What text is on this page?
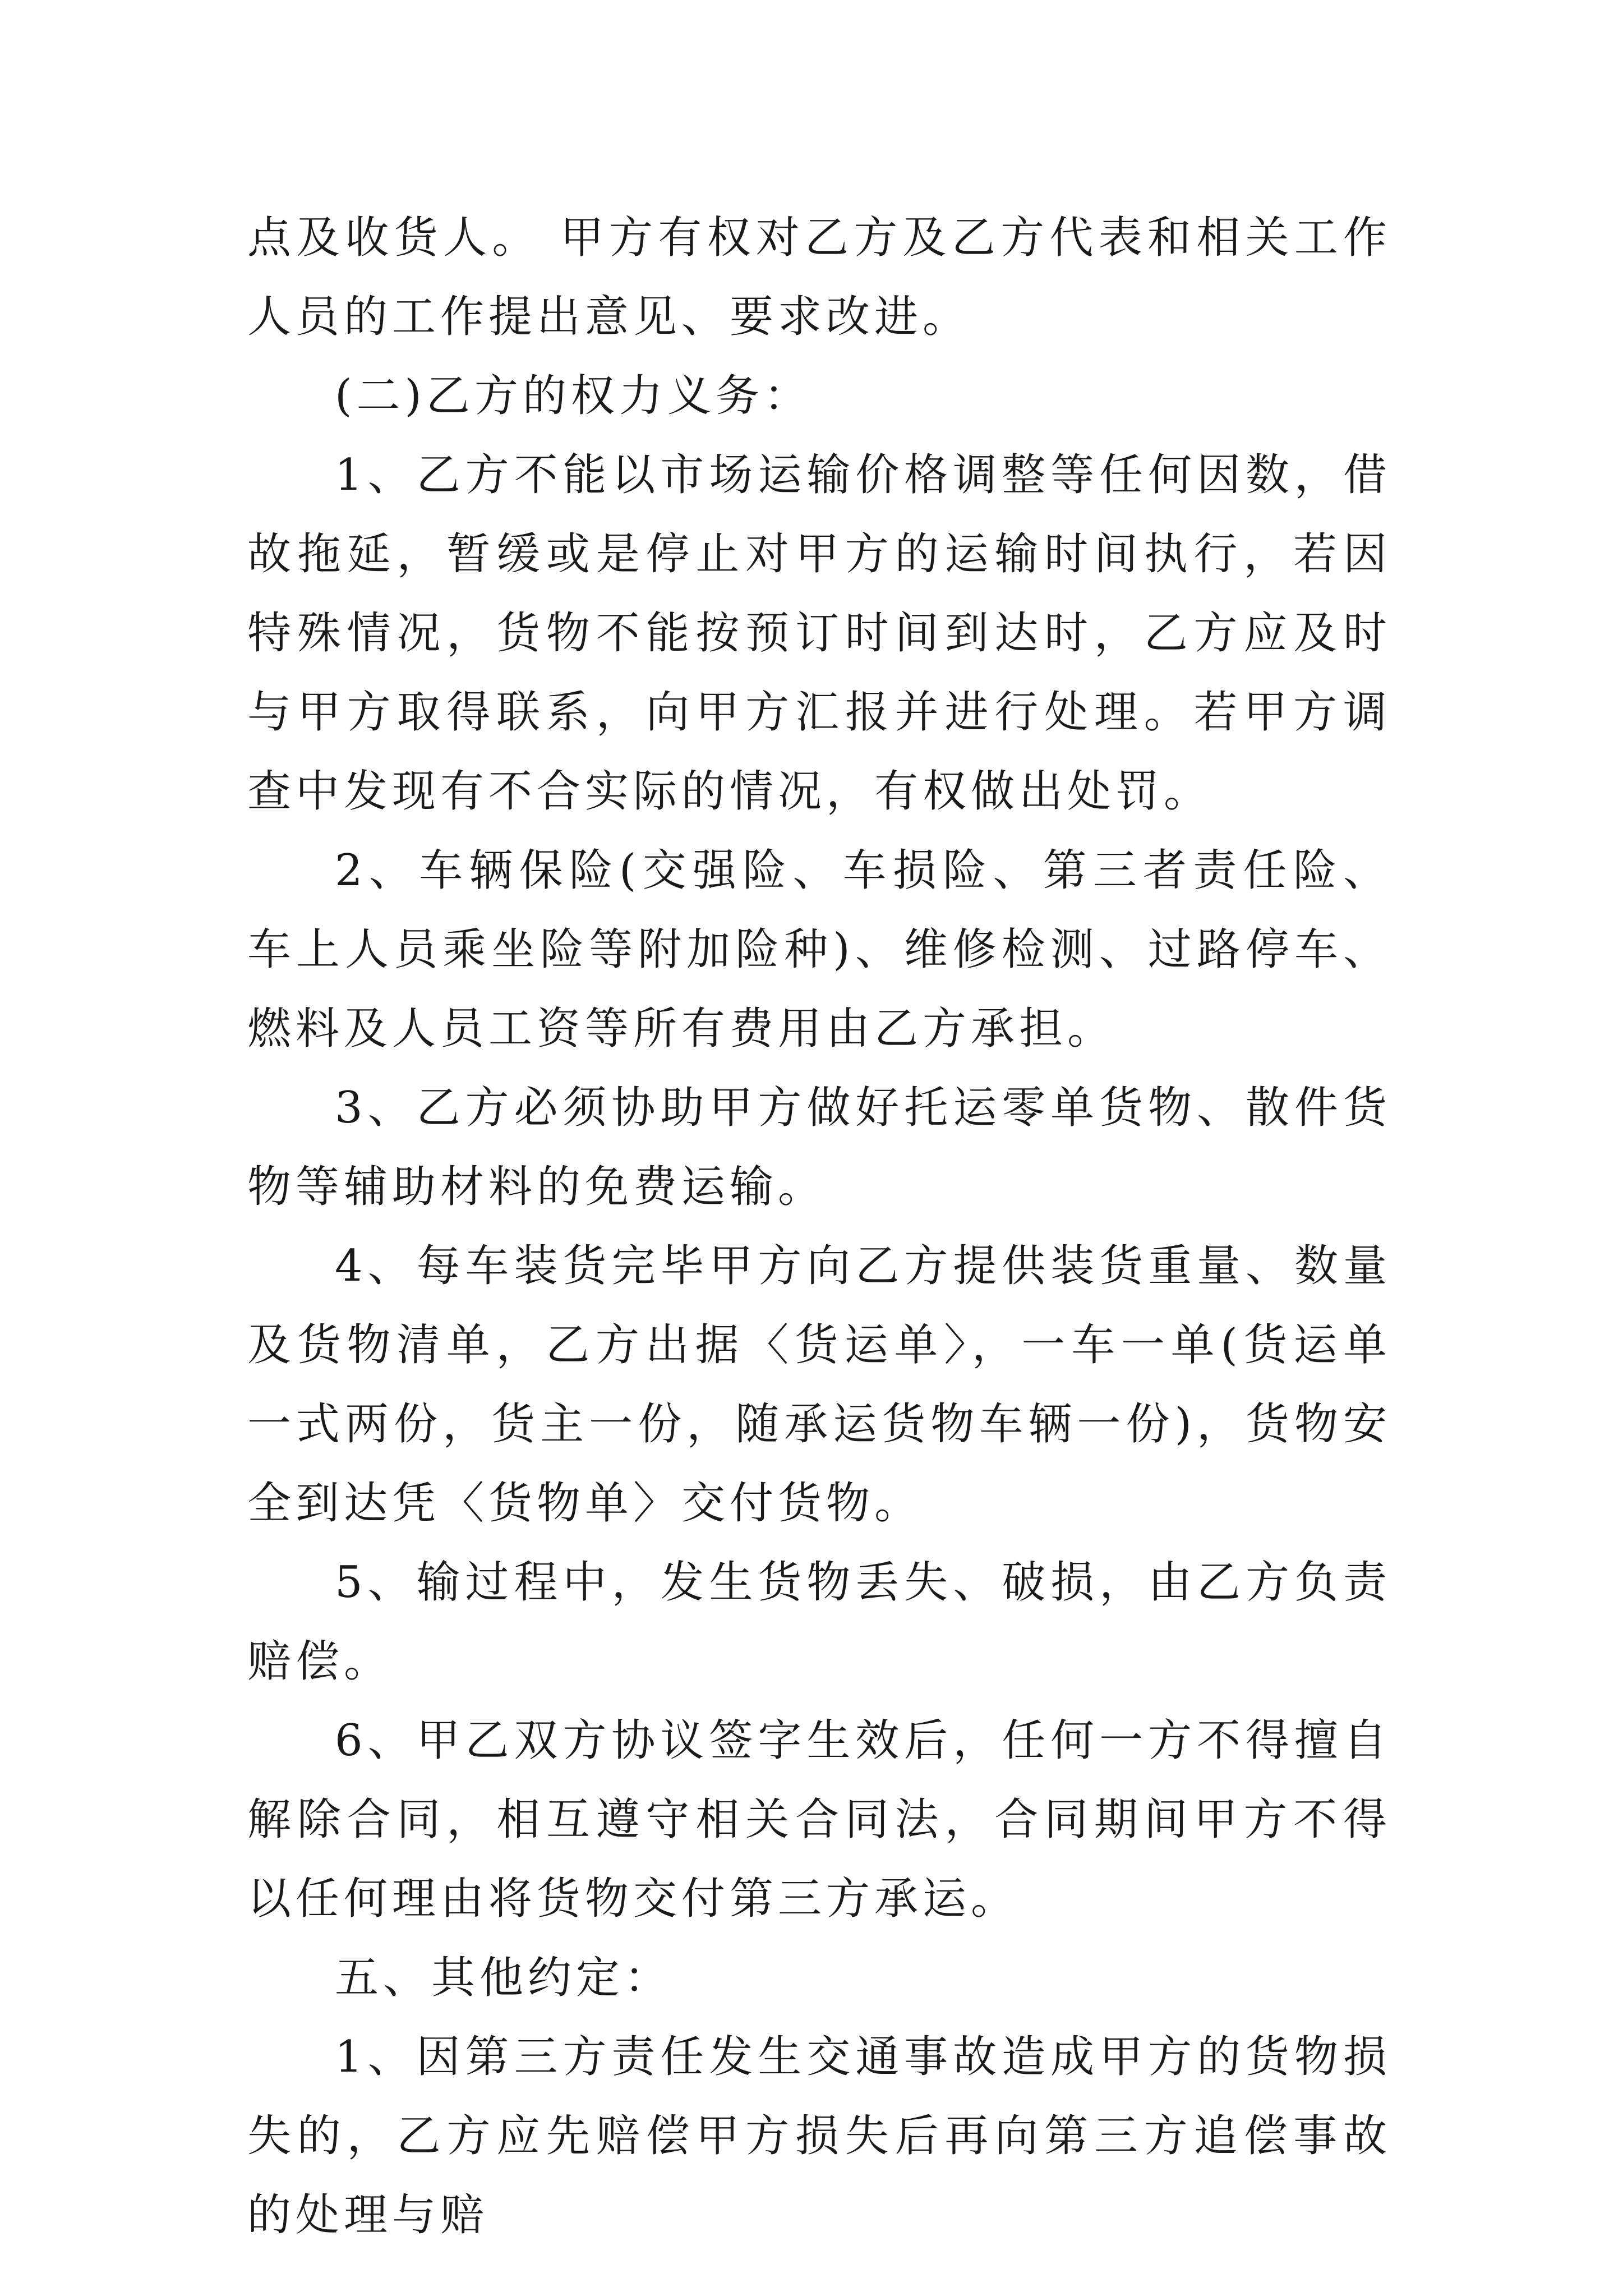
点及收货人。 甲方有权对乙方及乙方代表和相关工作人员的工作提出意见、要求改进。

(二)乙方的权力义务：

1、乙方不能以市场运输价格调整等任何因数，借故拖延，暂缓或是停止对甲方的运输时间执行，若因特殊情况，货物不能按预订时间到达时，乙方应及时与甲方取得联系，向甲方汇报并进行处理。若甲方调查中发现有不合实际的情况，有权做出处罚。

2、车辆保险(交强险、车损险、第三者责任险、车上人员乘坐险等附加险种)、维修检测、过路停车、燃料及人员工资等所有费用由乙方承担。

3、乙方必须协助甲方做好托运零单货物、散件货物等辅助材料的免费运输。

4、每车装货完毕甲方向乙方提供装货重量、数量及货物清单，乙方出据〈货运单〉，一车一单(货运单一式两份，货主一份，随承运货物车辆一份)，货物安全到达凭〈货物单〉交付货物。

5、输过程中，发生货物丢失、破损，由乙方负责赔偿。

6、甲乙双方协议签字生效后，任何一方不得擅自解除合同，相互遵守相关合同法，合同期间甲方不得以任何理由将货物交付第三方承运。

五、其他约定：

1、因第三方责任发生交通事故造成甲方的货物损失的，乙方应先赔偿甲方损失后再向第三方追偿事故的处理与赔
